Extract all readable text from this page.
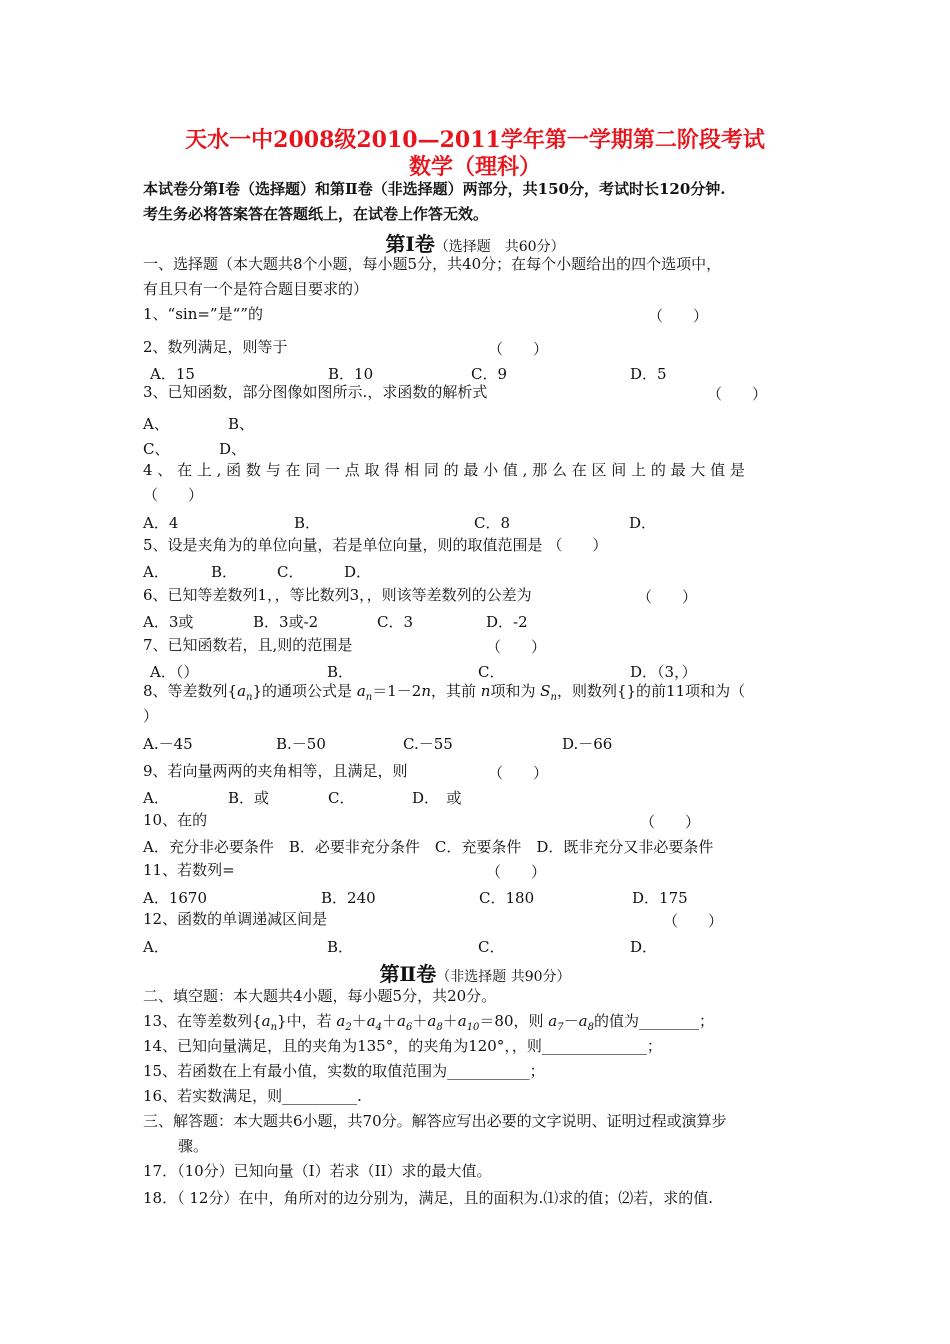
天水一中2008级2010—2011学年第一学期第二阶段考试
数学（理科）
本试卷分第Ⅰ卷（选择题）和第Ⅱ卷（非选择题）两部分，共150分，考试时长120分钟.
考生务必将答案答在答题纸上，在试卷上作答无效。
第Ⅰ卷（选择题　共60分）
一、选择题（本大题共8个小题，每小题5分，共40分；在每个小题给出的四个选项中，
有且只有一个是符合题目要求的）
1、“sin=”是“”的	（　　）
2、数列满足，则等于	（　　）
A．15	B．10	C．9	D．5
3、已知函数，部分图像如图所示.，求函数的解析式	（　　）
A、	B、
C、	D、
4 、 在 上 , 函 数 与 在 同 一 点 取 得 相 同 的 最 小 值 , 那 么 在 区 间 上 的 最 大 值 是
（　　）
A．4	B．	C．8	D．
5、设是夹角为的单位向量，若是单位向量，则的取值范围是 （　　）
A．	B．	C．	D．
6、已知等差数列1，，等比数列3，，则该等差数列的公差为	（　　）
A．3或	B．3或-2	C．3	D．-2
7、已知函数若，且,则的范围是	（　　）
A．（）	B．	C．	D．（3，）
8、等差数列$\{a_n\}$的通项公式是 $a_n=1-2n$，其前 n项和为 $S_n$，则数列{}的前11项和为（
）
A.－45	B.－50	C.－55	D.－66
9、若向量两两的夹角相等，且满足，则	（　　）
A．	B．或	C．	D．　或
10、在的	（　　）
A．充分非必要条件　B．必要非充分条件　C．充要条件　D．既非充分又非必要条件
11、若数列=	（　　）
A．1670	B．240	C．180	D．175
12、函数的单调递减区间是	（　　）
A．	B．	C．	D．
第Ⅱ卷（非选择题 共90分）
二、填空题：本大题共4小题，每小题5分，共20分。
13、在等差数列$\{a_n\}$中，若 $a_2+a_4+a_6+a_8+a_{10}=80$，则 $a_7-a_8$的值为________；
14、已知向量满足，且的夹角为135°，的夹角为120°，，则______________；
15、若函数在上有最小值，实数的取值范围为___________；
16、若实数满足，则__________.
三、解答题：本大题共6小题，共70分。解答应写出必要的文字说明、证明过程或演算步
骤。
17．（10分）已知向量（I）若求（II）求的最大值。
18．（ 12分）在中，角所对的边分别为，满足，且的面积为.⑴求的值；⑵若，求的值.
